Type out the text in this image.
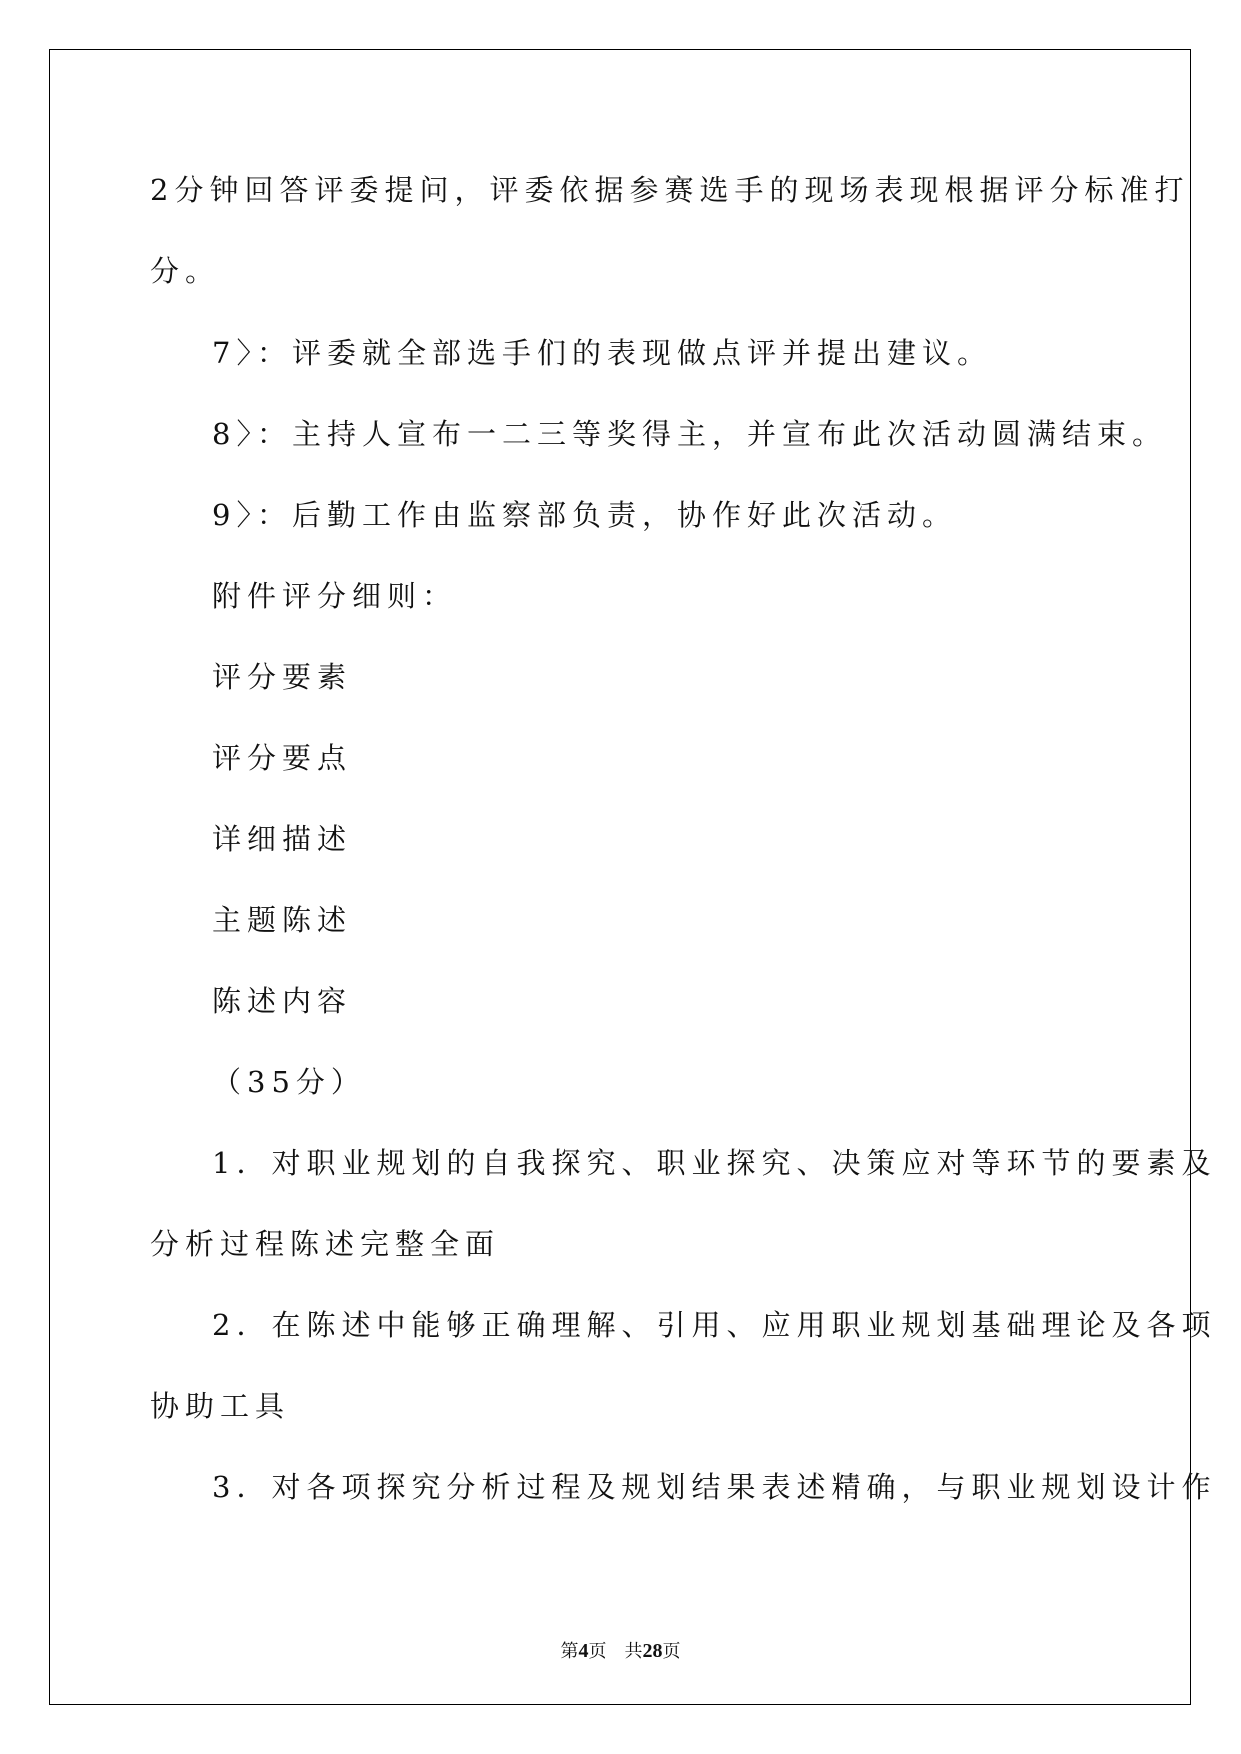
2分钟回答评委提问，评委依据参赛选手的现场表现根据评分标准打
分。
7〉：评委就全部选手们的表现做点评并提出建议。
8〉：主持人宣布一二三等奖得主，并宣布此次活动圆满结束。
9〉：后勤工作由监察部负责，协作好此次活动。
附件评分细则：
评分要素
评分要点
详细描述
主题陈述
陈述内容
（35分）
1．对职业规划的自我探究、职业探究、决策应对等环节的要素及
分析过程陈述完整全面
2．在陈述中能够正确理解、引用、应用职业规划基础理论及各项
协助工具
3．对各项探究分析过程及规划结果表述精确，与职业规划设计作
第4页　共28页
